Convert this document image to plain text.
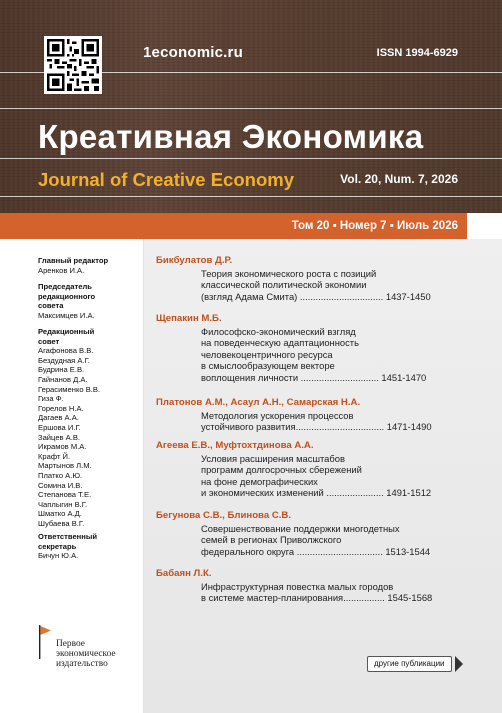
1economic.ru	ISSN 1994-6929
Креативная Экономика
Journal of Creative Economy	Vol. 20, Num. 7, 2026
Том 20 ▪ Номер 7 ▪ Июль 2026
Главный редактор
Аренков И.А.
Председатель
редакционного
совета
Максимцев И.А.
Редакционный
совет
Агафонова В.В.
Бездудная А.Г.
Будрина Е.В.
Гайнанов Д.А.
Герасименко В.В.
Гиза Ф.
Горелов Н.А.
Дагаев А.А.
Ершова И.Г.
Зайцев А.В.
Икрамов М.А.
Крафт Й.
Мартынов Л.М.
Платко А.Ю.
Сомина И.В.
Степанова Т.Е.
Чаплыгин В.Г.
Шматко А.Д.
Шубаева В.Г.
Ответственный
секретарь
Бичун Ю.А.
Первое
экономическое
издательство
Бикбулатов Д.Р.
Теория экономического роста с позиций
классической политической экономии
(взгляд Адама Смита) ................................ 1437-1450
Щепакин М.Б.
Философско-экономический взгляд
на поведенческую адаптационность
человекоцентричного ресурса
в смыслообразующем векторе
воплощения личности .............................. 1451-1470
Платонов А.М., Асаул А.Н., Самарская Н.А.
Методология ускорения процессов
устойчивого развития.................................. 1471-1490
Агеева Е.В., Муфтохтдинова А.А.
Условия расширения масштабов
программ долгосрочных сбережений
на фоне демографических
и экономических изменений ...................... 1491-1512
Бегунова С.В., Блинова С.В.
Совершенствование поддержки многодетных
семей в регионах Приволжского
федерального округа ................................. 1513-1544
Бабаян Л.К.
Инфраструктурная повестка малых городов
в системе мастер-планирования................ 1545-1568
другие публикации
